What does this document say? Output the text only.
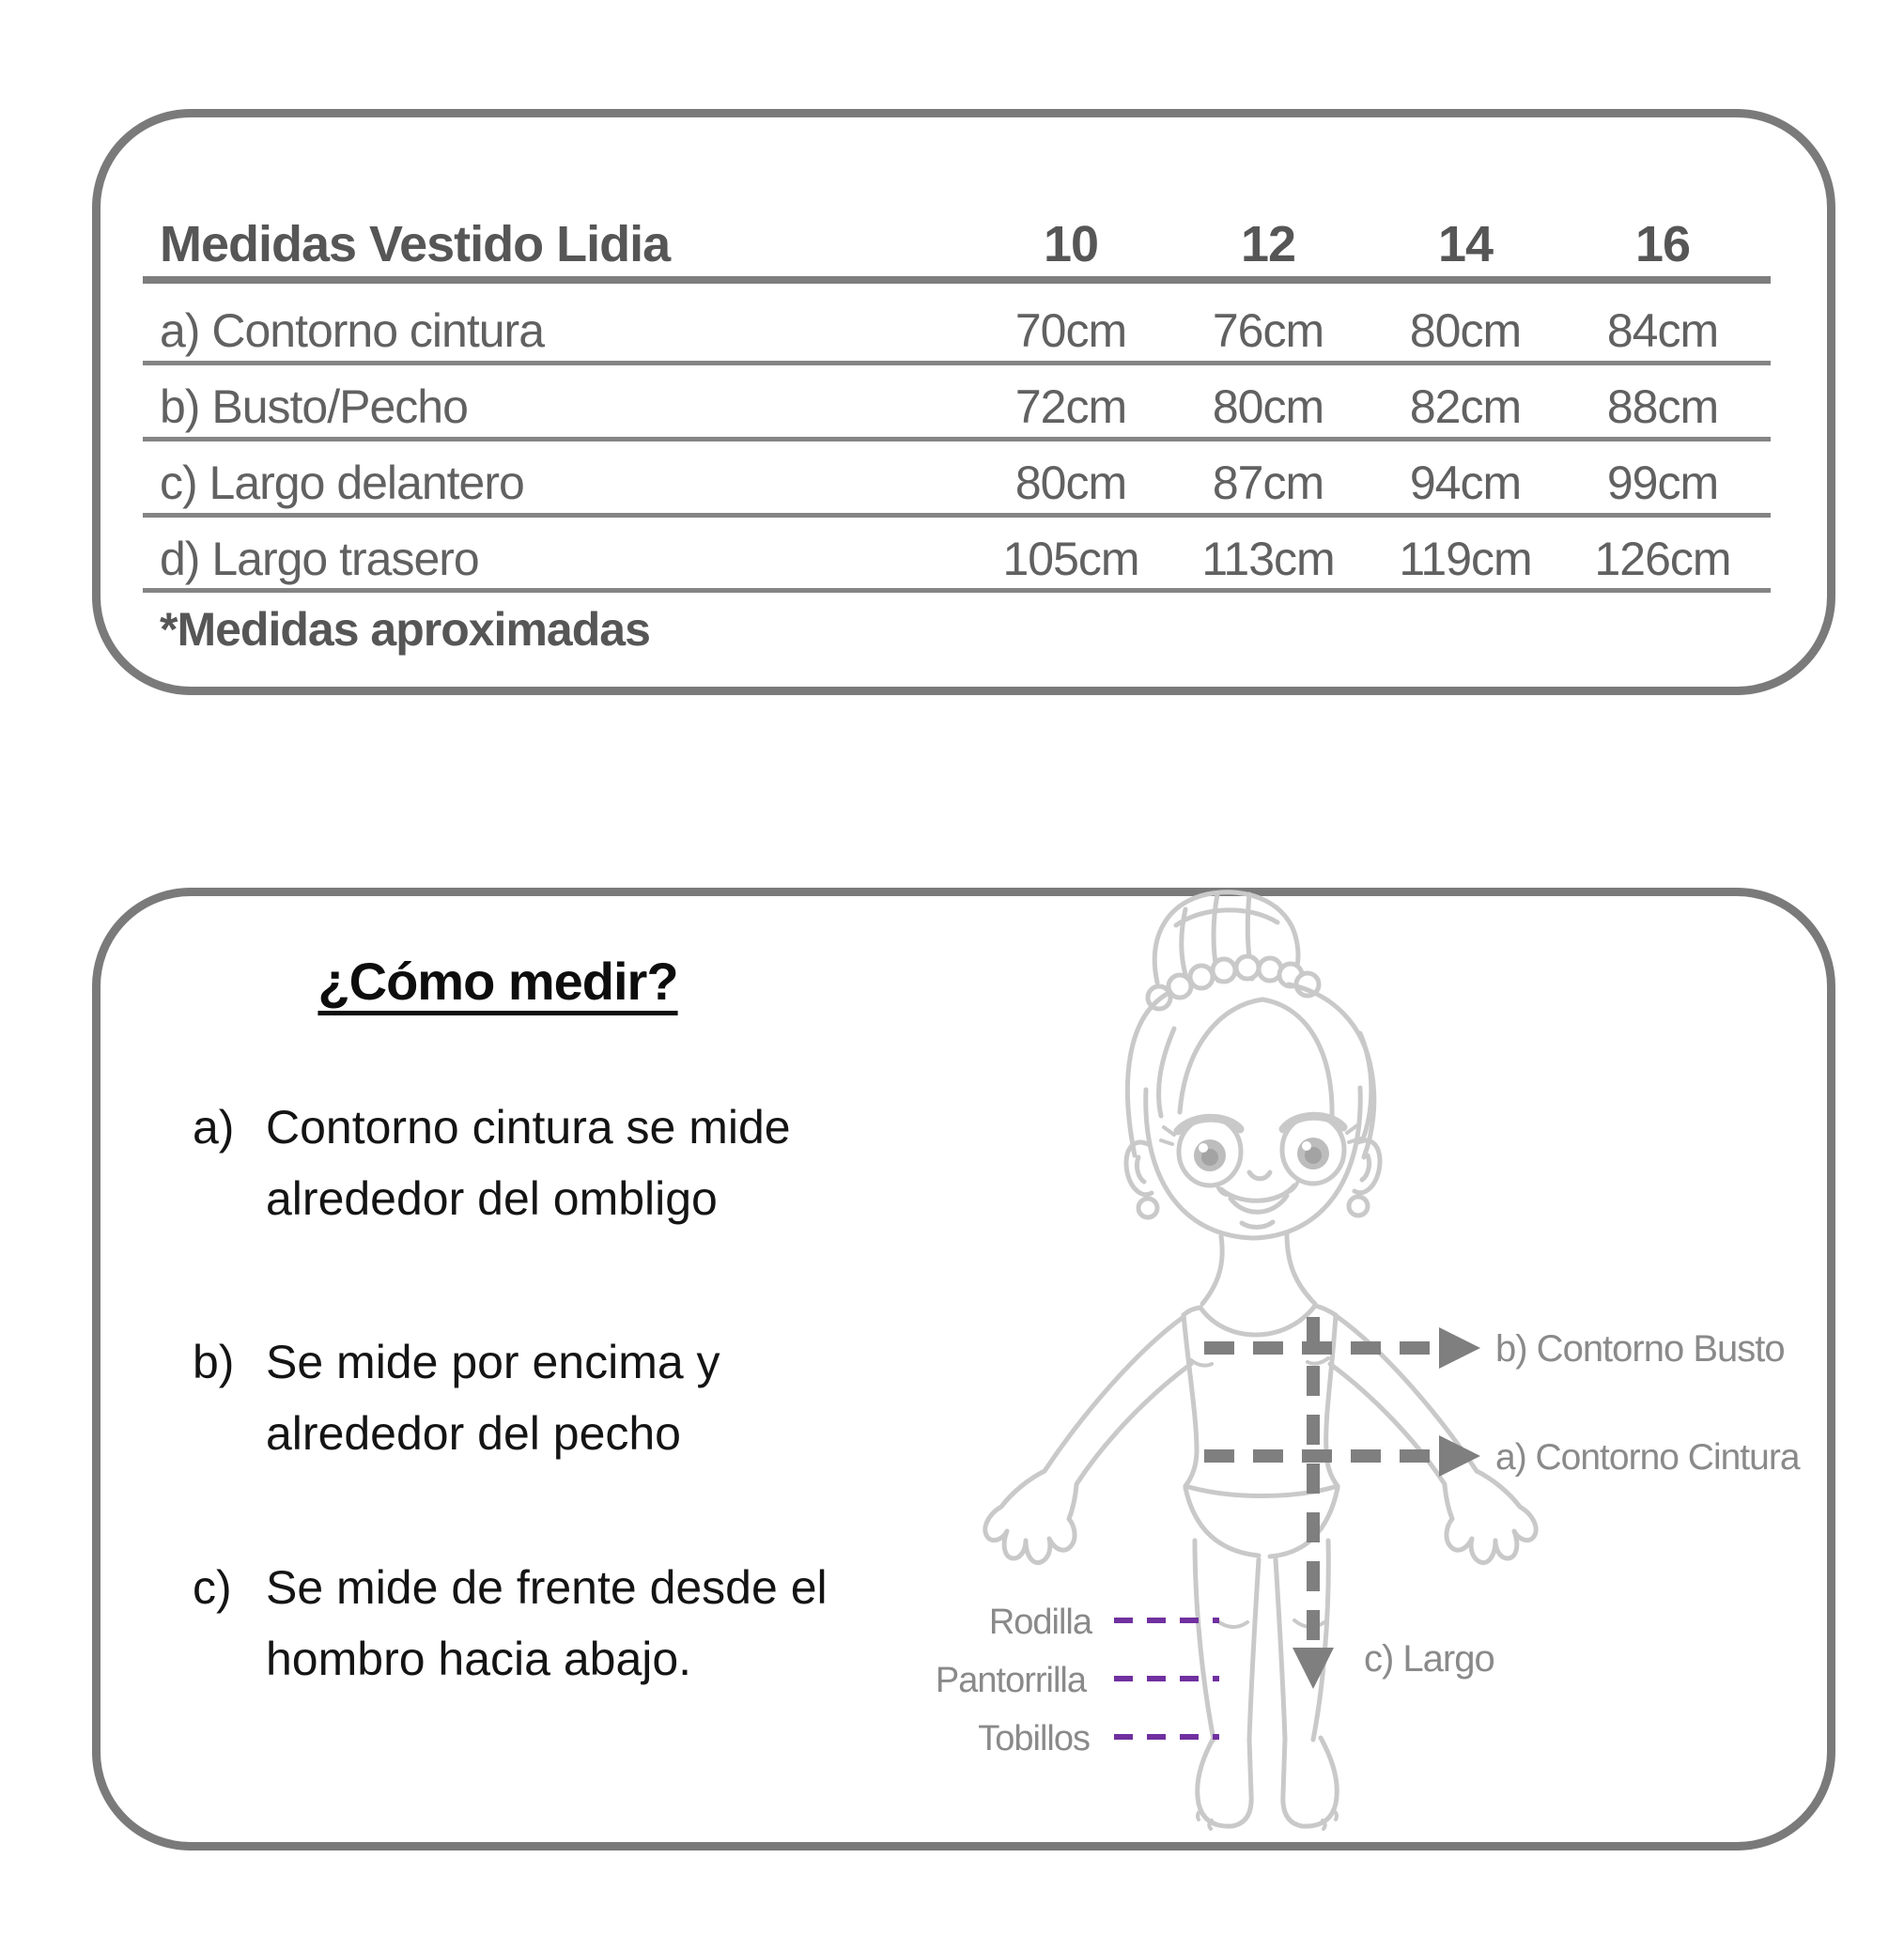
Medidas Vestido Lidia	10	12	14	16
a) Contorno cintura	70cm	76cm	80cm	84cm
b) Busto/Pecho	72cm	80cm	82cm	88cm
c) Largo delantero	80cm	87cm	94cm	99cm
d) Largo trasero	105cm	113cm	119cm	126cm
*Medidas aproximadas
¿Cómo medir?
a) Contorno cintura se mide alrededor del ombligo
b) Se mide por encima y alrededor del pecho
c) Se mide de frente desde el hombro hacia abajo.
b) Contorno Busto
a) Contorno Cintura
c) Largo
Rodilla
Pantorrilla
Tobillos
